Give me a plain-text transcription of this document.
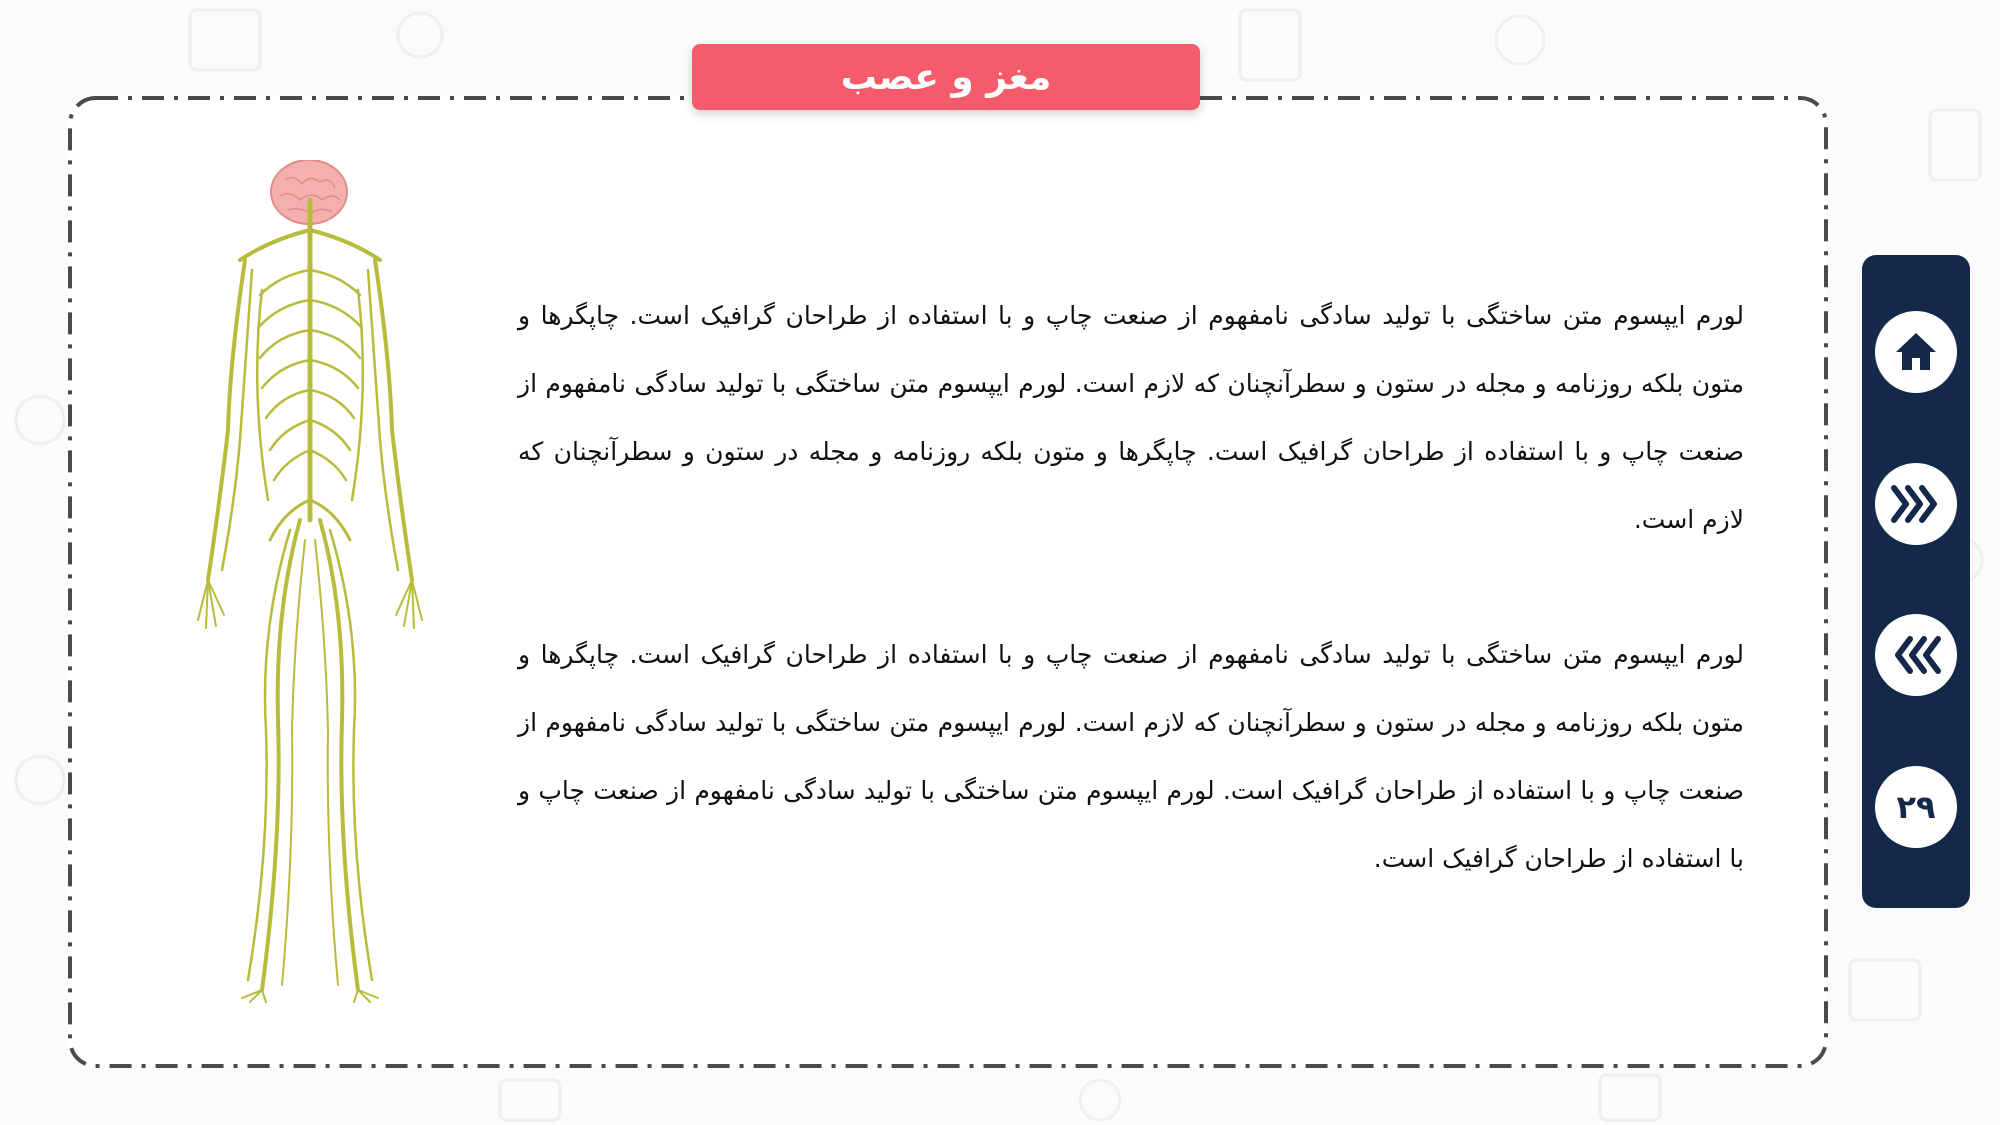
مغز و عصب
لورم ایپسوم متن ساختگی با تولید سادگی نامفهوم از صنعت چاپ و با استفاده از طراحان گرافیک است. چاپگرها و متون بلکه روزنامه و مجله در ستون و سطرآنچنان که لازم است. لورم ایپسوم متن ساختگی با تولید سادگی نامفهوم از صنعت چاپ و با استفاده از طراحان گرافیک است. چاپگرها و متون بلکه روزنامه و مجله در ستون و سطرآنچنان که لازم است.
لورم ایپسوم متن ساختگی با تولید سادگی نامفهوم از صنعت چاپ و با استفاده از طراحان گرافیک است. چاپگرها و متون بلکه روزنامه و مجله در ستون و سطرآنچنان که لازم است. لورم ایپسوم متن ساختگی با تولید سادگی نامفهوم از صنعت چاپ و با استفاده از طراحان گرافیک است. لورم ایپسوم متن ساختگی با تولید سادگی نامفهوم از صنعت چاپ و با استفاده از طراحان گرافیک است.
۲۹
